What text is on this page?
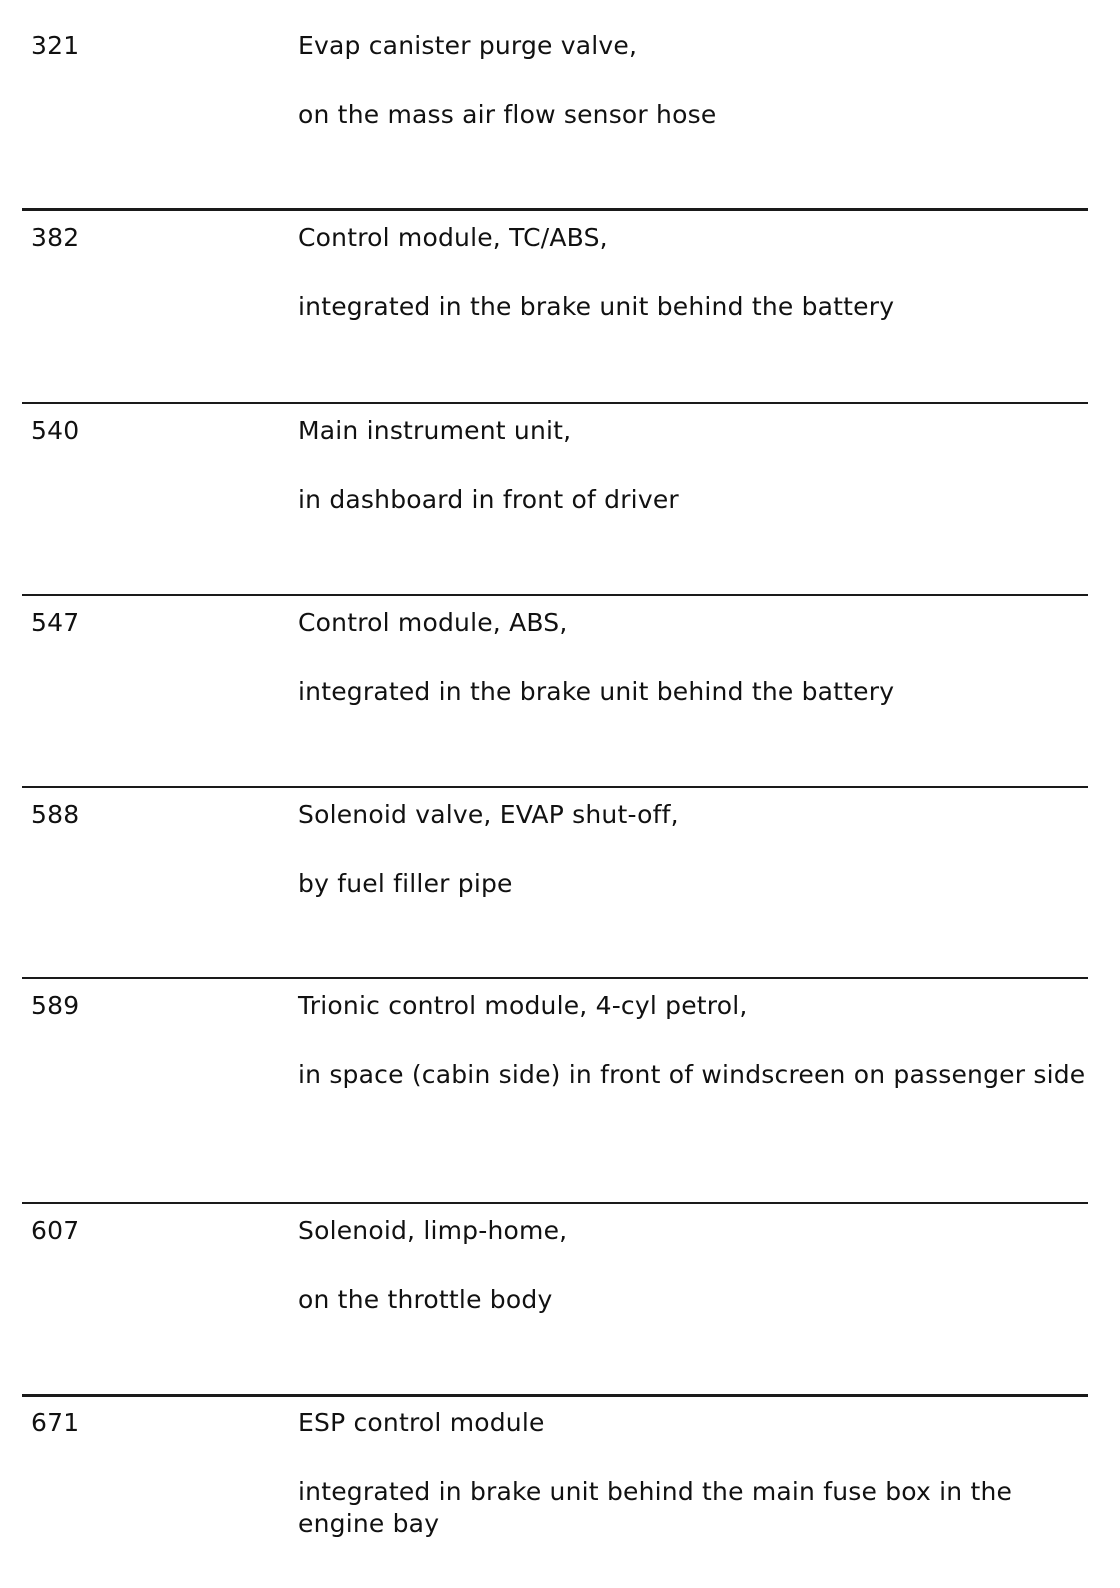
321	Evap canister purge valve,
on the mass air flow sensor hose
382	Control module, TC/ABS,
integrated in the brake unit behind the battery
540	Main instrument unit,
in dashboard in front of driver
547	Control module, ABS,
integrated in the brake unit behind the battery
588	Solenoid valve, EVAP shut-off,
by fuel filler pipe
589	Trionic control module, 4-cyl petrol,
in space (cabin side) in front of windscreen on passenger side
607	Solenoid, limp-home,
on the throttle body
671	ESP control module
integrated in brake unit behind the main fuse box in the engine bay
